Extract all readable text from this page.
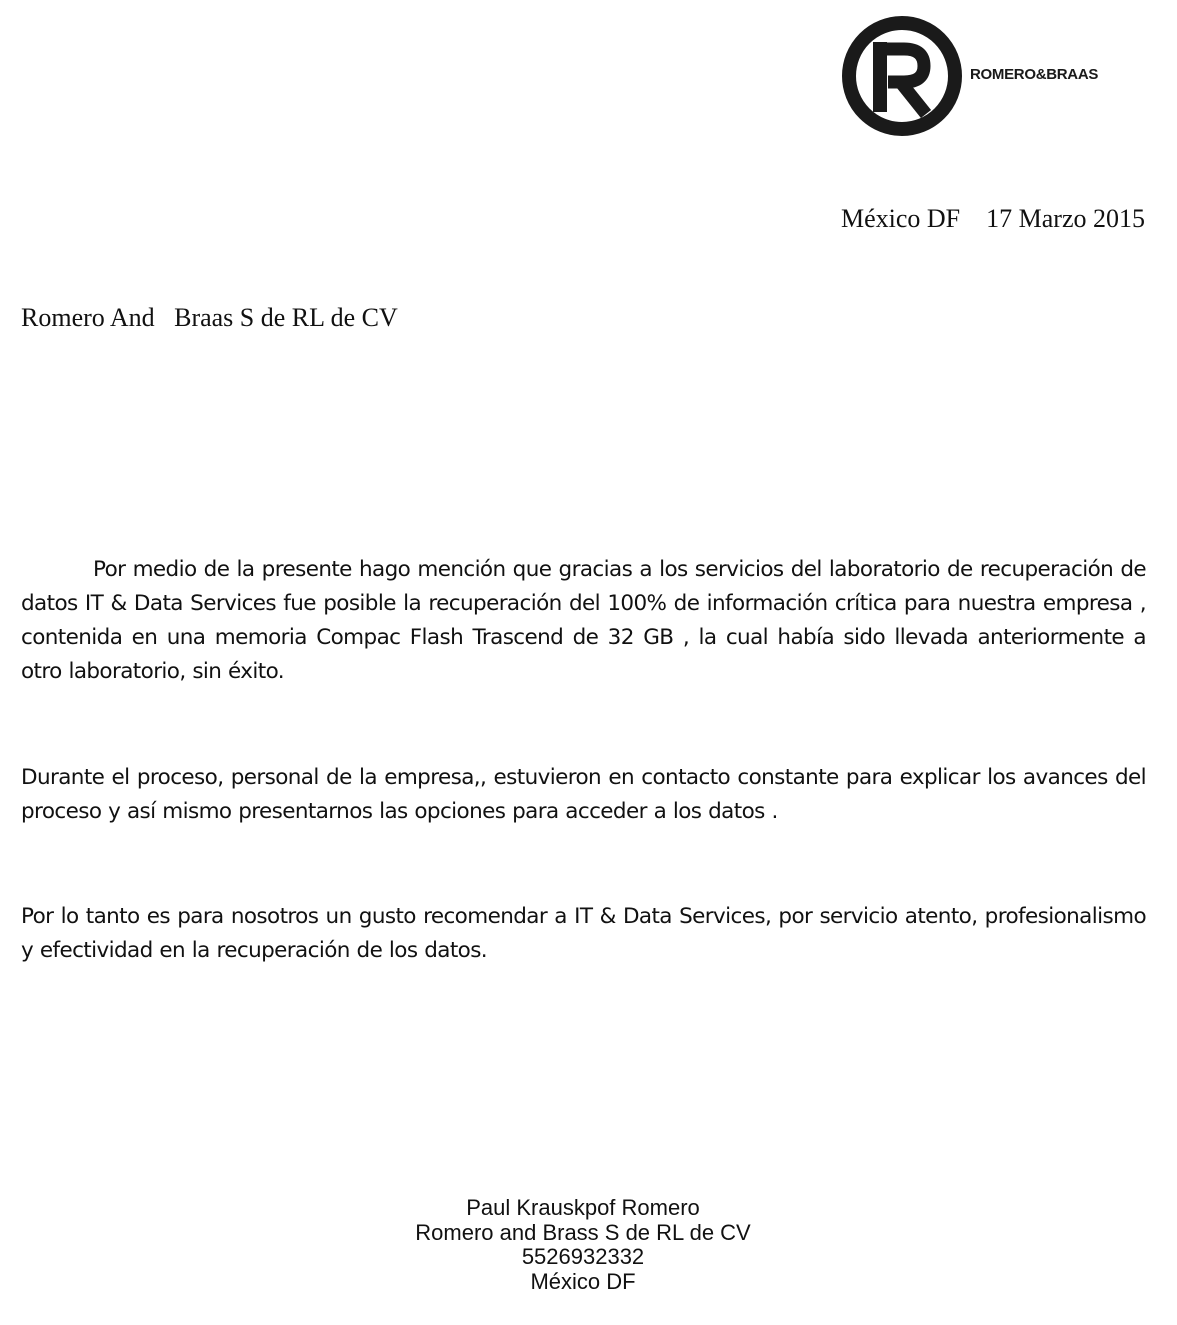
ROMERO&BRAAS
México DF 17 Marzo 2015
Romero And   Braas S de RL de CV

Por medio de la presente hago mención que gracias a los servicios del laboratorio de recuperación de datos IT & Data Services fue posible la recuperación del 100% de información crítica para nuestra empresa , contenida en una memoria Compac Flash Trascend de 32 GB , la cual había sido llevada anteriormente a otro laboratorio, sin éxito.

Durante el proceso, personal de la empresa,, estuvieron en contacto constante para explicar los avances del proceso y así mismo presentarnos las opciones para acceder a los datos .

Por lo tanto es para nosotros un gusto recomendar a IT & Data Services, por servicio atento, profesionalismo y efectividad en la recuperación de los datos.

Paul Krauskpof Romero
Romero and Brass S de RL de CV
5526932332
México DF
